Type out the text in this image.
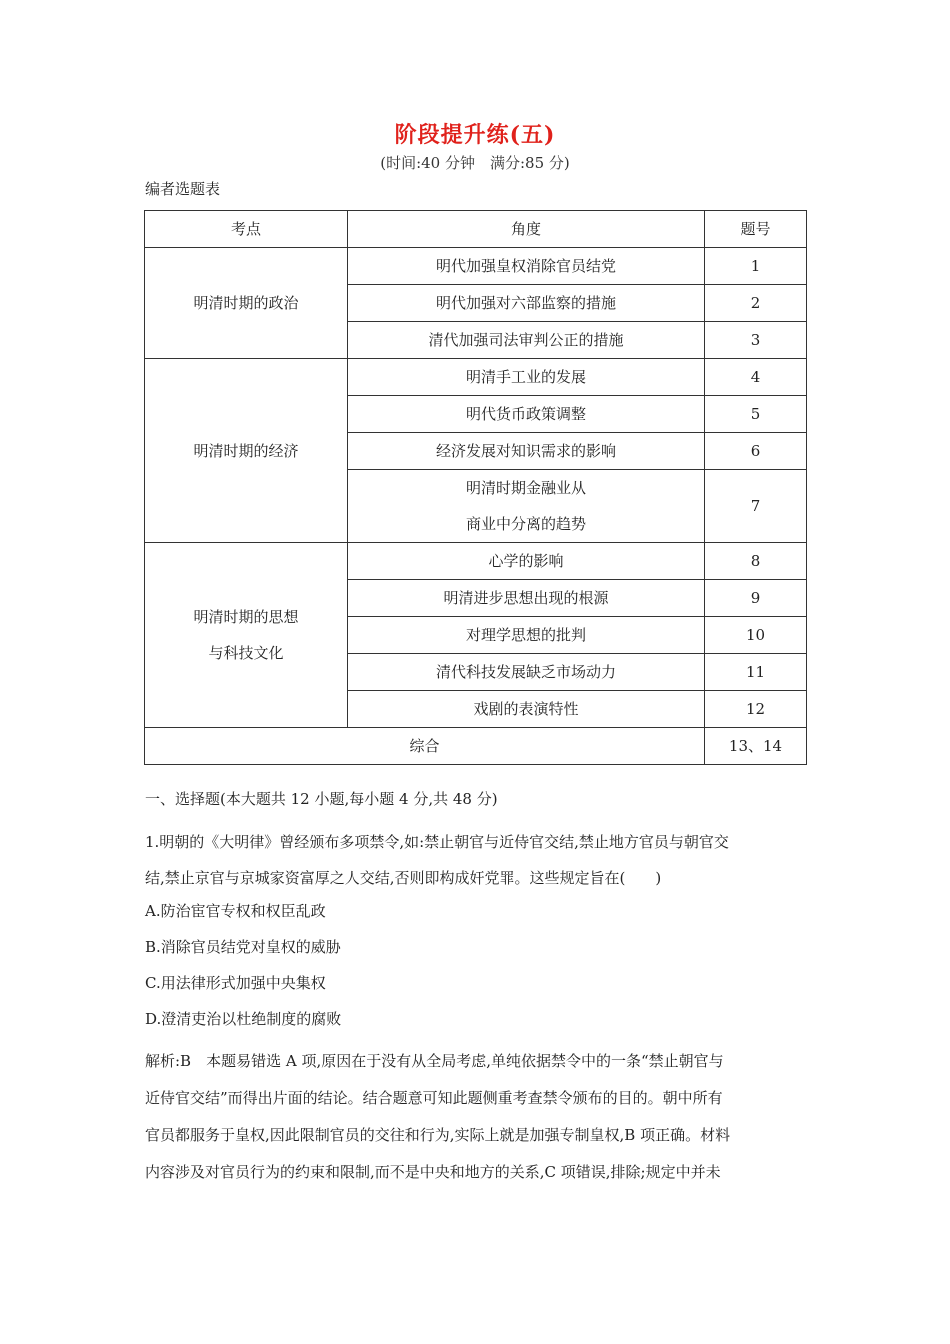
阶段提升练(五)
(时间:40 分钟　满分:85 分)
编者选题表
考点	角度	题号
明清时期的政治	明代加强皇权消除官员结党	1
	明代加强对六部监察的措施	2
	清代加强司法审判公正的措施	3
明清时期的经济	明清手工业的发展	4
	明代货币政策调整	5
	经济发展对知识需求的影响	6

	明清时期金融业从
商业中分离的趋势	7

明清时期的思想
与科技文化	心学的影响	8
	明清进步思想出现的根源	9
	对理学思想的批判	10
	清代科技发展缺乏市场动力	11
	戏剧的表演特性	12
综合		13、14
一、选择题(本大题共 12 小题,每小题 4 分,共 48 分)
1.明朝的《大明律》曾经颁布多项禁令,如:禁止朝官与近侍官交结,禁止地方官员与朝官交
结,禁止京官与京城家资富厚之人交结,否则即构成奸党罪。这些规定旨在(　　)
A.防治宦官专权和权臣乱政
B.消除官员结党对皇权的威胁
C.用法律形式加强中央集权
D.澄清吏治以杜绝制度的腐败
解析:B　本题易错选 A 项,原因在于没有从全局考虑,单纯依据禁令中的一条“禁止朝官与
近侍官交结”而得出片面的结论。结合题意可知此题侧重考查禁令颁布的目的。朝中所有
官员都服务于皇权,因此限制官员的交往和行为,实际上就是加强专制皇权,B 项正确。材料
内容涉及对官员行为的约束和限制,而不是中央和地方的关系,C 项错误,排除;规定中并未
